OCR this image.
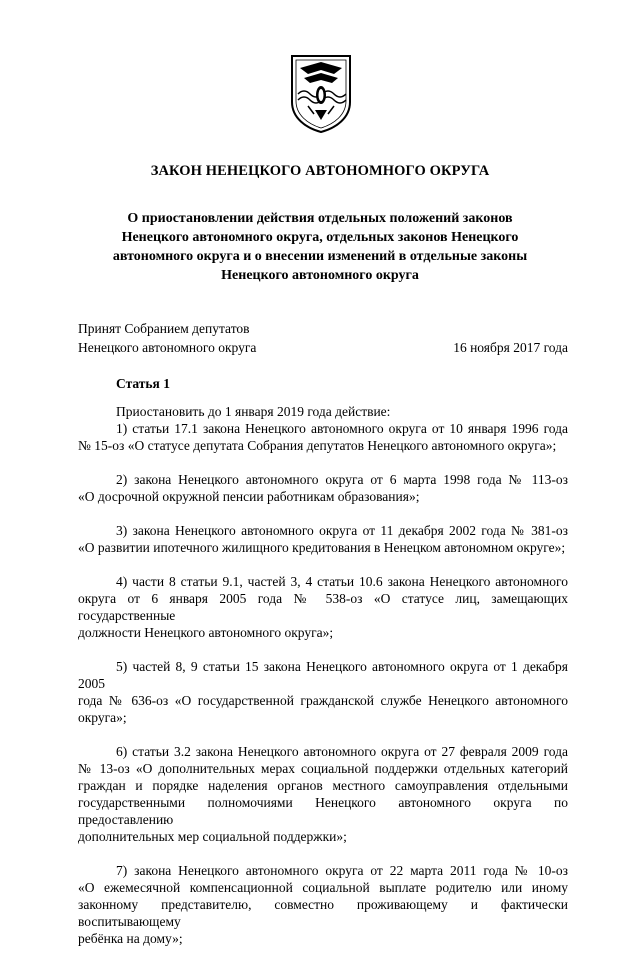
ЗАКОН НЕНЕЦКОГО АВТОНОМНОГО ОКРУГА
О приостановлении действия отдельных положений законов
Ненецкого автономного округа, отдельных законов Ненецкого
автономного округа и о внесении изменений в отдельные законы
Ненецкого автономного округа
Принят Собранием депутатов
Ненецкого автономного округа	16 ноября 2017 года
Статья 1

Приостановить до 1 января 2019 года действие:

1) статьи 17.1 закона Ненецкого автономного округа от 10 января 1996 года
№ 15-оз «О статусе депутата Собрания депутатов Ненецкого автономного округа»;

2) закона Ненецкого автономного округа от 6 марта 1998 года № 113-оз
«О досрочной окружной пенсии работникам образования»;

3) закона Ненецкого автономного округа от 11 декабря 2002 года № 381-оз
«О развитии ипотечного жилищного кредитования в Ненецком автономном округе»;

4) части 8 статьи 9.1, частей 3, 4 статьи 10.6 закона Ненецкого автономного
округа от 6 января 2005 года № 538-оз «О статусе лиц, замещающих государственные
должности Ненецкого автономного округа»;

5) частей 8, 9 статьи 15 закона Ненецкого автономного округа от 1 декабря 2005
года № 636-оз «О государственной гражданской службе Ненецкого автономного
округа»;

6) статьи 3.2 закона Ненецкого автономного округа от 27 февраля 2009 года
№ 13-оз «О дополнительных мерах социальной поддержки отдельных категорий
граждан и порядке наделения органов местного самоуправления отдельными
государственными полномочиями Ненецкого автономного округа по предоставлению
дополнительных мер социальной поддержки»;

7) закона Ненецкого автономного округа от 22 марта 2011 года № 10-оз
«О ежемесячной компенсационной социальной выплате родителю или иному
законному представителю, совместно проживающему и фактически воспитывающему
ребёнка на дому»;
